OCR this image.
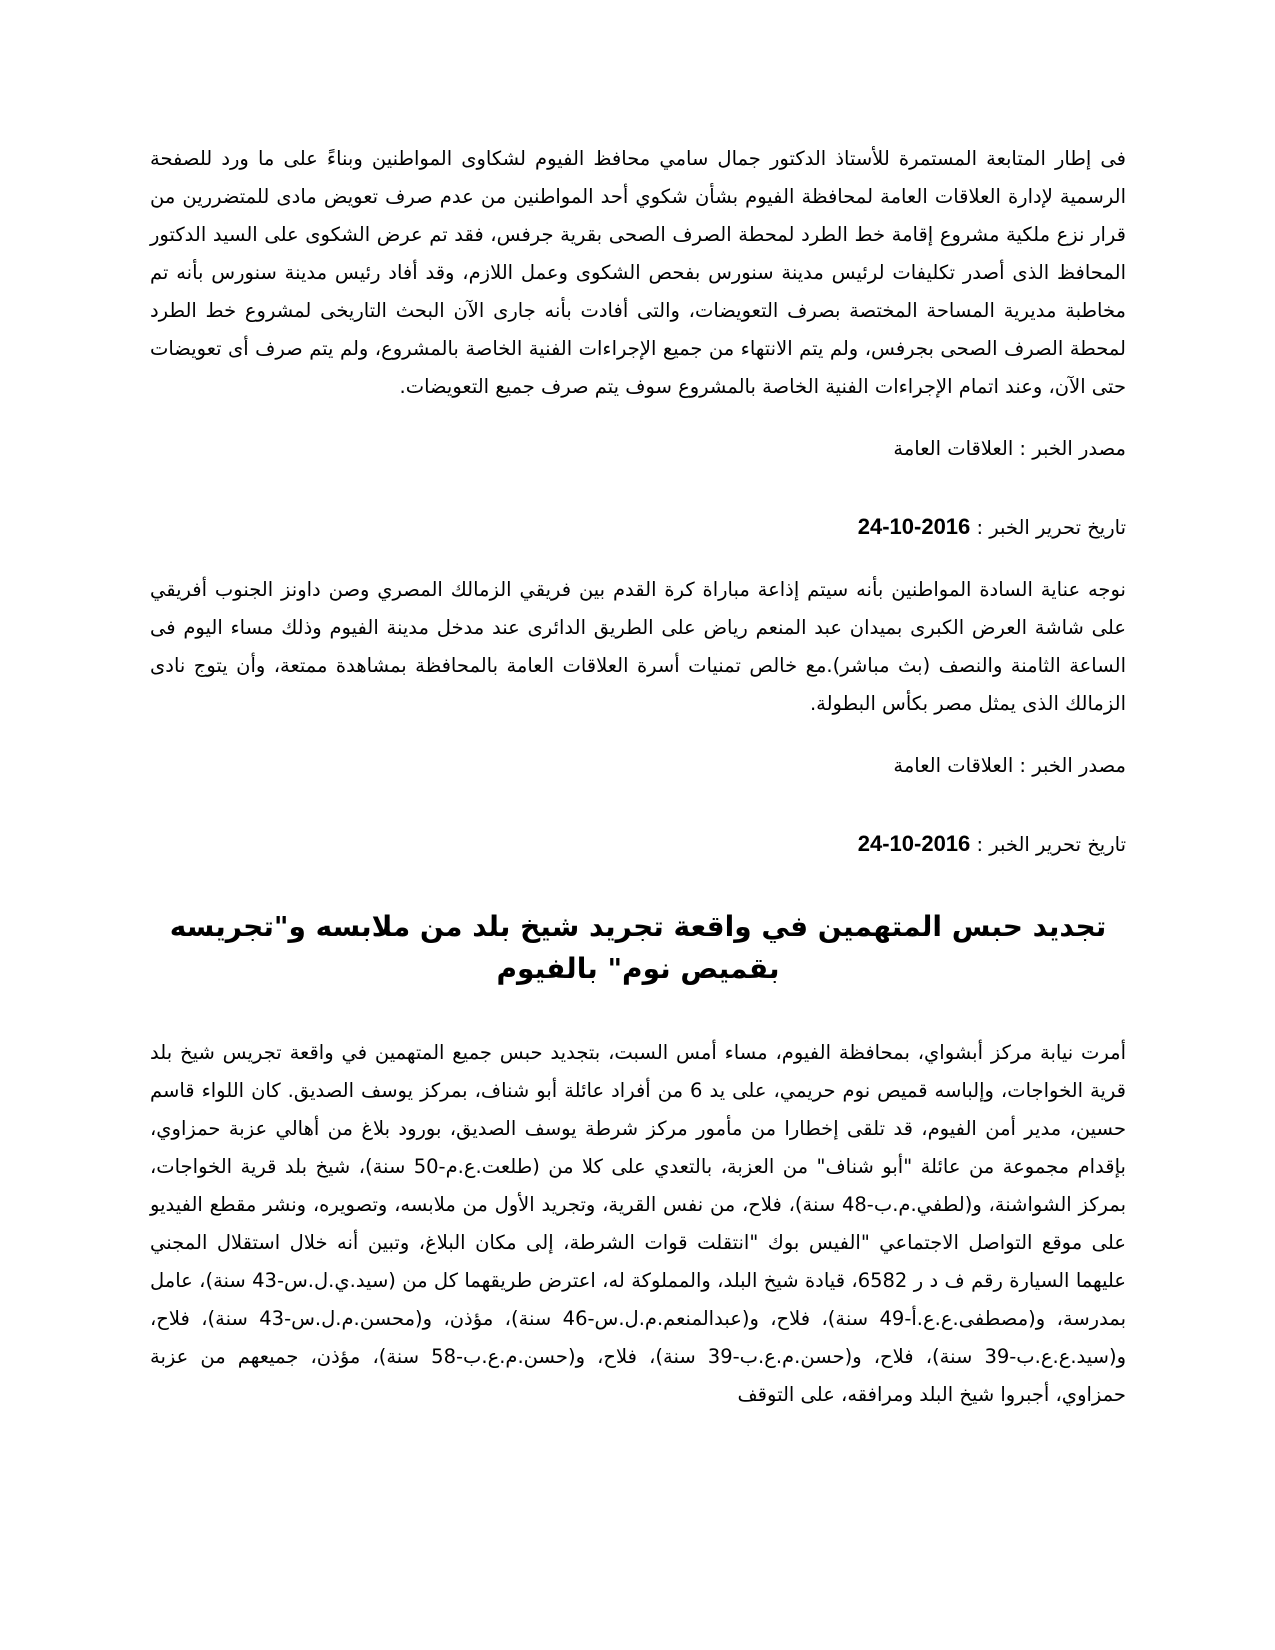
فى إطار المتابعة المستمرة للأستاذ الدكتور جمال سامي محافظ الفيوم لشكاوى المواطنين وبناءً على ما ورد للصفحة الرسمية لإدارة العلاقات العامة لمحافظة الفيوم بشأن شكوي أحد المواطنين من عدم صرف تعويض مادى للمتضررين من قرار نزع ملكية مشروع إقامة خط الطرد لمحطة الصرف الصحى بقرية جرفس، فقد تم عرض الشكوى على السيد الدكتور المحافظ الذى أصدر تكليفات لرئيس مدينة سنورس بفحص الشكوى وعمل اللازم، وقد أفاد رئيس مدينة سنورس بأنه تم مخاطبة مديرية المساحة المختصة بصرف التعويضات، والتى أفادت بأنه جارى الآن البحث التاريخى لمشروع خط الطرد لمحطة الصرف الصحى بجرفس، ولم يتم الانتهاء من جميع الإجراءات الفنية الخاصة بالمشروع، ولم يتم صرف أى تعويضات حتى الآن، وعند اتمام الإجراءات الفنية الخاصة بالمشروع سوف يتم صرف جميع التعويضات.

مصدر الخبر : العلاقات العامة

تاريخ تحرير الخبر : 24-10-2016

نوجه عناية السادة المواطنين بأنه سيتم إذاعة مباراة كرة القدم بين فريقي الزمالك المصري وصن داونز الجنوب أفريقي على شاشة العرض الكبرى بميدان عبد المنعم رياض على الطريق الدائرى عند مدخل مدينة الفيوم وذلك مساء اليوم فى الساعة الثامنة والنصف (بث مباشر).مع خالص تمنيات أسرة العلاقات العامة بالمحافظة بمشاهدة ممتعة، وأن يتوج نادى الزمالك الذى يمثل مصر بكأس البطولة.

مصدر الخبر : العلاقات العامة

تاريخ تحرير الخبر : 24-10-2016

تجديد حبس المتهمين في واقعة تجريد شيخ بلد من ملابسه و"تجريسه بقميص نوم" بالفيوم

أمرت نيابة مركز أبشواي، بمحافظة الفيوم، مساء أمس السبت، بتجديد حبس جميع المتهمين في واقعة تجريس شيخ بلد قرية الخواجات، وإلباسه قميص نوم حريمي، على يد 6 من أفراد عائلة أبو شناف، بمركز يوسف الصديق. كان اللواء قاسم حسين، مدير أمن الفيوم، قد تلقى إخطارا من مأمور مركز شرطة يوسف الصديق، بورود بلاغ من أهالي عزبة حمزاوي، بإقدام مجموعة من عائلة "أبو شناف" من العزبة، بالتعدي على كلا من (طلعت.ع.م-50 سنة)، شيخ بلد قرية الخواجات، بمركز الشواشنة، و(لطفي.م.ب-48 سنة)، فلاح، من نفس القرية، وتجريد الأول من ملابسه، وتصويره، ونشر مقطع الفيديو على موقع التواصل الاجتماعي "الفيس بوك "انتقلت قوات الشرطة، إلى مكان البلاغ، وتبين أنه خلال استقلال المجني عليهما السيارة رقم ف د ر 6582، قيادة شيخ البلد، والمملوكة له، اعترض طريقهما كل من (سيد.ي.ل.س-43 سنة)، عامل بمدرسة، و(مصطفى.ع.ع.أ-49 سنة)، فلاح، و(عبدالمنعم.م.ل.س-46 سنة)، مؤذن، و(محسن.م.ل.س-43 سنة)، فلاح، و(سيد.ع.ع.ب-39 سنة)، فلاح، و(حسن.م.ع.ب-39 سنة)، فلاح، و(حسن.م.ع.ب-58 سنة)، مؤذن، جميعهم من عزبة حمزاوي، أجبروا شيخ البلد ومرافقه، على التوقف
